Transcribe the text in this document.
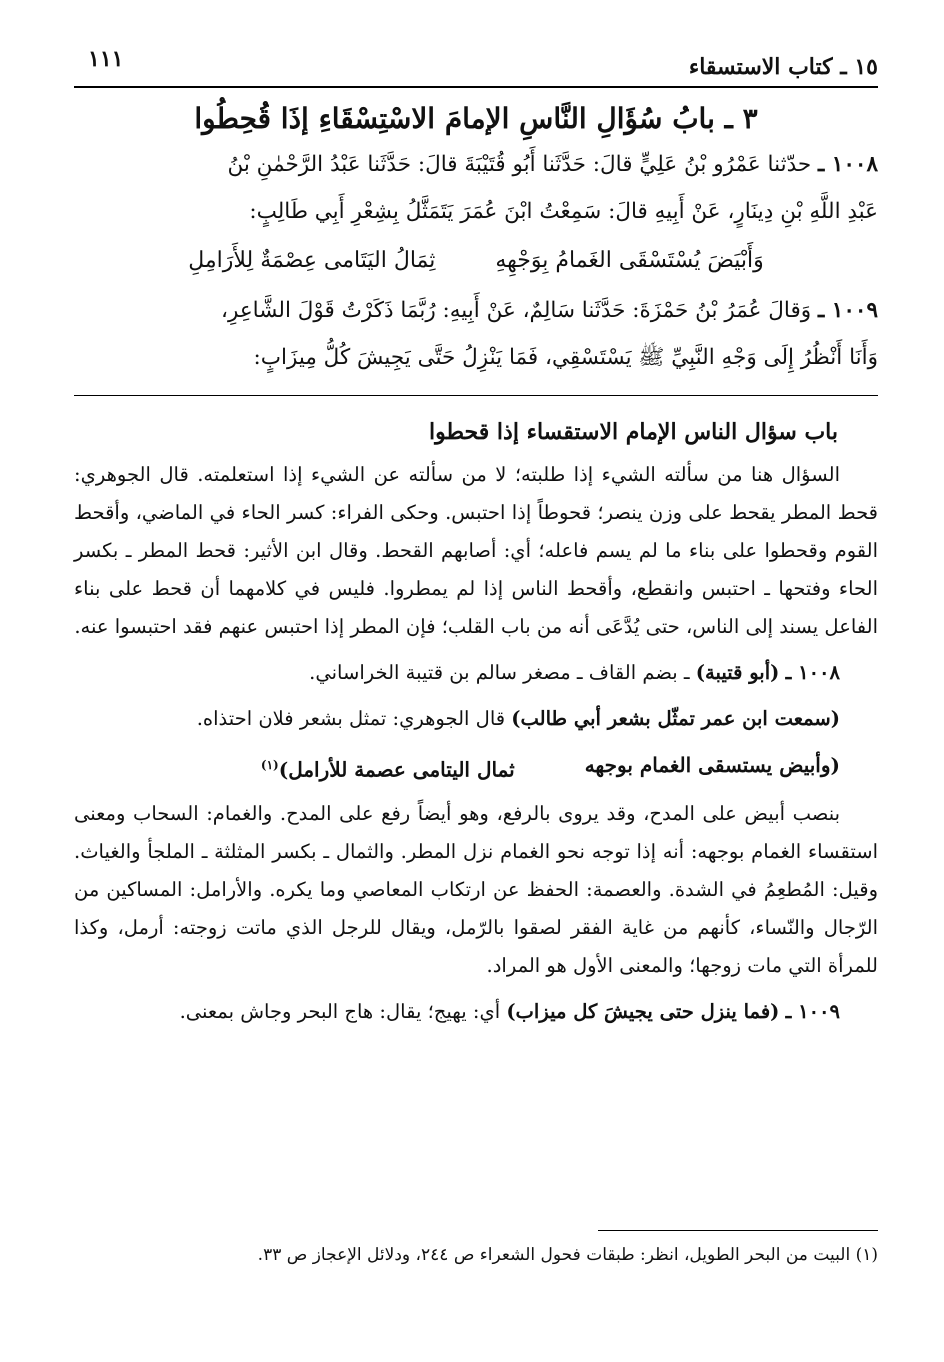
١٥ ـ كتاب الاستسقاء
١١١
٣ ـ بابُ سُؤَالِ النَّاسِ الإمامَ الاسْتِسْقَاءِ إذَا قُحِطُوا

١٠٠٨ ـ حدّثنا عَمْرُو بْنُ عَلِيٍّ قالَ: حَدَّثَنا أَبُو قُتَيْبَةَ قالَ: حَدَّثَنا عَبْدُ الرَّحْمٰنِ بْنُ

عَبْدِ اللَّهِ بْنِ دِينَارٍ، عَنْ أَبِيهِ قالَ: سَمِعْتُ ابْنَ عُمَرَ يَتَمَثَّلُ بِشِعْرِ أَبِي طَالِبٍ:

وَأَبْيَضَ يُسْتَسْقَى الغَمامُ بِوَجْهِهِ
ثِمَالُ اليَتَامى عِصْمَةٌ لِلأَرَامِلِ

١٠٠٩ ـ وَقالَ عُمَرُ بْنُ حَمْزَةَ: حَدَّثَنا سَالِمٌ، عَنْ أَبِيهِ: رُبَّمَا ذَكَرْتُ قَوْلَ الشَّاعِرِ،

وَأَنَا أَنْظُرُ إِلَى وَجْهِ النَّبِيِّ ﷺ يَسْتَسْقِي، فَمَا يَنْزِلُ حَتَّى يَجِيشَ كُلُّ مِيزَابٍ:

باب سؤال الناس الإمام الاستقساء إذا قحطوا

السؤال هنا من سألته الشيء إذا طلبته؛ لا من سألته عن الشيء إذا استعلمته. قال الجوهري: قحط المطر يقحط على وزن ينصر؛ قحوطاً إذا احتبس. وحكى الفراء: كسر الحاء في الماضي، وأقحط القوم وقحطوا على بناء ما لم يسم فاعله؛ أي: أصابهم القحط. وقال ابن الأثير: قحط المطر ـ بكسر الحاء وفتحها ـ احتبس وانقطع، وأقحط الناس إذا لم يمطروا. فليس في كلامهما أن قحط على بناء الفاعل يسند إلى الناس، حتى يُدَّعَى أنه من باب القلب؛ فإن المطر إذا احتبس عنهم فقد احتبسوا عنه.

١٠٠٨ ـ (أبو قتيبة) ـ بضم القاف ـ مصغر سالم بن قتيبة الخراساني.

(سمعت ابن عمر تمثّل بشعر أبي طالب) قال الجوهري: تمثل بشعر فلان احتذاه.

(وأبيض يستسقى الغمام بوجهه
ثمال اليتامى عصمة للأرامل)$^{(١)}$

بنصب أبيض على المدح، وقد يروى بالرفع، وهو أيضاً رفع على المدح. والغمام: السحاب ومعنى استقساء الغمام بوجهه: أنه إذا توجه نحو الغمام نزل المطر. والثمال ـ بكسر المثلثة ـ الملجأ والغياث. وقيل: المُطعِمُ في الشدة. والعصمة: الحفظ عن ارتكاب المعاصي وما يكره. والأرامل: المساكين من الرّجال والنّساء، كأنهم من غاية الفقر لصقوا بالرّمل، ويقال للرجل الذي ماتت زوجته: أرمل، وكذا للمرأة التي مات زوجها؛ والمعنى الأول هو المراد.

١٠٠٩ ـ (فما ينزل حتى يجيشَ كل ميزاب) أي: يهيج؛ يقال: هاج البحر وجاش بمعنى.

(١) البيت من البحر الطويل، انظر: طبقات فحول الشعراء ص ٢٤٤، ودلائل الإعجاز ص ٣٣.
